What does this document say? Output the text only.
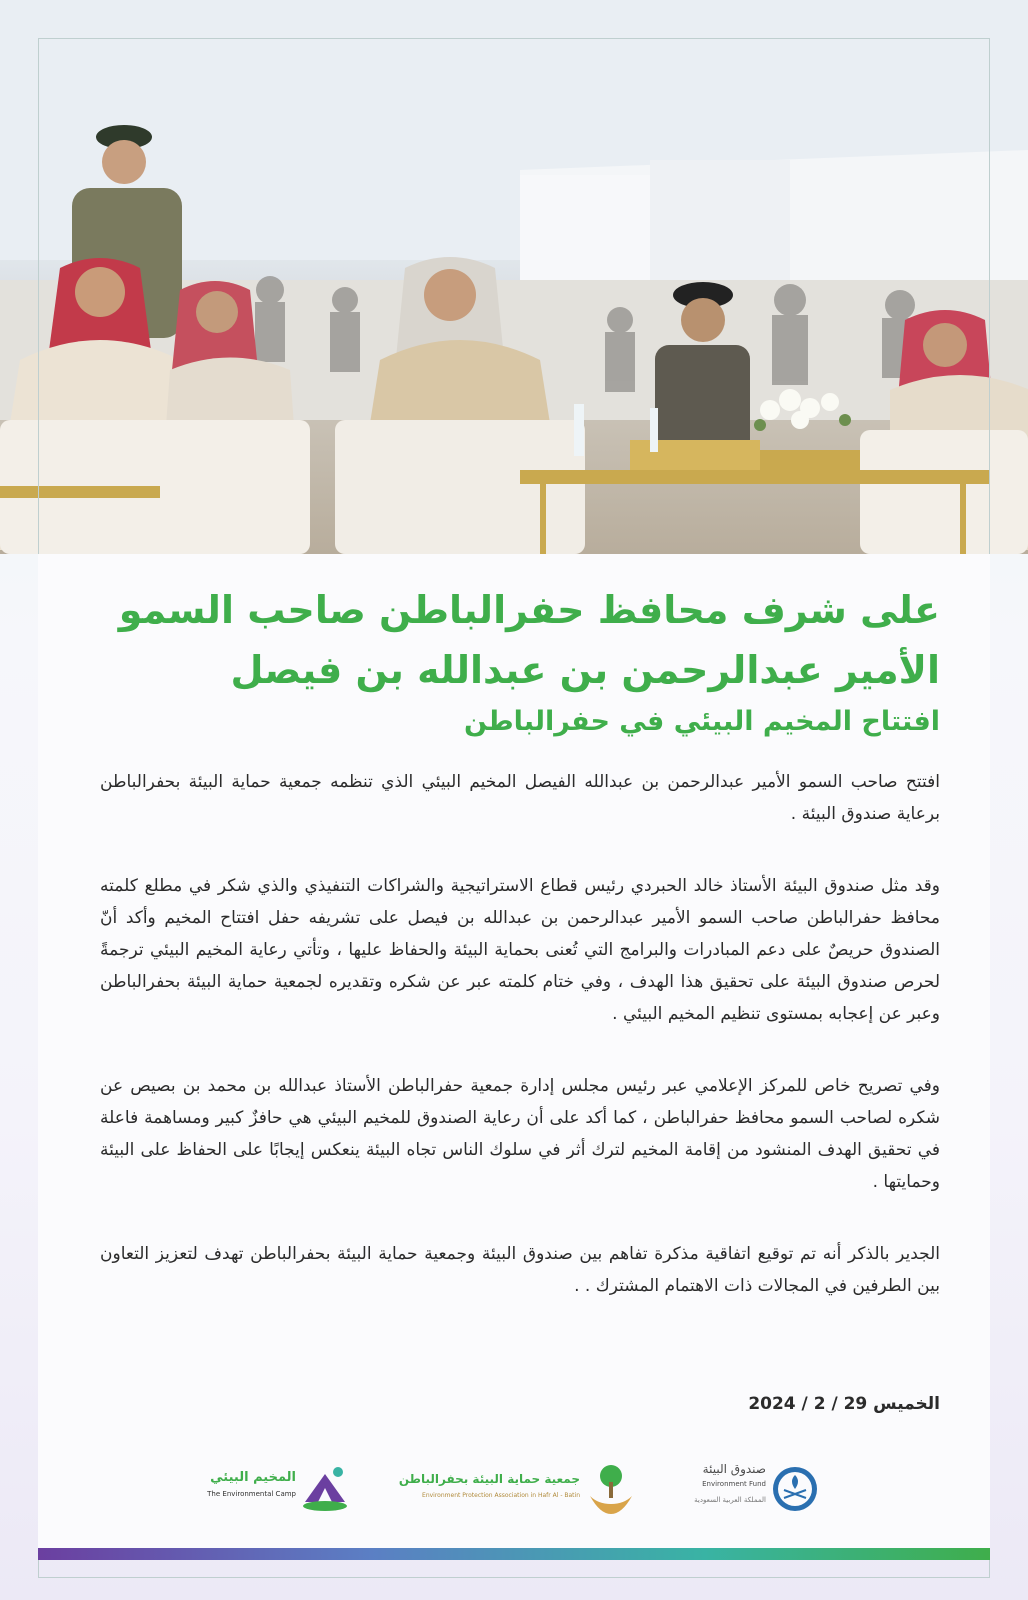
على شرف محافظ حفرالباطن صاحب السمو
الأمير عبدالرحمن بن عبدالله بن فيصل
افتتاح المخيم البيئي في حفرالباطن

افتتح صاحب السمو الأمير عبدالرحمن بن عبدالله الفيصل المخيم البيئي الذي تنظمه جمعية حماية البيئة بحفرالباطن برعاية صندوق البيئة .

وقد مثل صندوق البيئة الأستاذ خالد الحبردي رئيس قطاع الاستراتيجية والشراكات التنفيذي والذي شكر في مطلع كلمته محافظ حفرالباطن صاحب السمو الأمير عبدالرحمن بن عبدالله بن فيصل على تشريفه حفل افتتاح المخيم وأكد أنّ الصندوق حريصٌ على دعم المبادرات والبرامج التي تُعنى بحماية البيئة والحفاظ عليها ، وتأتي رعاية المخيم البيئي ترجمةً لحرص صندوق البيئة على تحقيق هذا الهدف ، وفي ختام كلمته عبر عن شكره وتقديره لجمعية حماية البيئة بحفرالباطن وعبر عن إعجابه بمستوى تنظيم المخيم البيئي .

وفي تصريح خاص للمركز الإعلامي عبر رئيس مجلس إدارة جمعية حفرالباطن الأستاذ عبدالله بن محمد بن بصيص عن شكره لصاحب السمو محافظ حفرالباطن ، كما أكد على أن رعاية الصندوق للمخيم البيئي هي حافزٌ كبير ومساهمة فاعلة في تحقيق الهدف المنشود من إقامة المخيم لترك أثر في سلوك الناس تجاه البيئة ينعكس إيجابًا على الحفاظ على البيئة وحمايتها .

الجدير بالذكر أنه تم توقيع اتفاقية مذكرة تفاهم بين صندوق البيئة وجمعية حماية البيئة بحفرالباطن تهدف لتعزيز التعاون بين الطرفين في المجالات ذات الاهتمام المشترك . .

الخميس 29 / 2 / 2024
المخيم البيئي
The Environmental Camp
جمعية حماية البيئة بحفرالباطن
Environment Protection Association in Hafr Al - Batin
صندوق البيئة
Environment Fund
المملكة العربية السعودية
